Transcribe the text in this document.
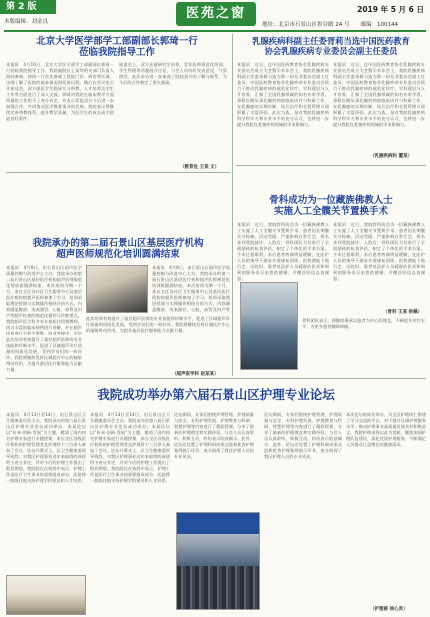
第 2 版
本版编辑：刘金良
医苑之窗	2019 年 5 月 6 日
地址：北京市石景山区鲁谷路 24 号　　邮编：100144
北京大学医学部学工部副部长郭琦一行
莅临我院指导工作
本报讯　4月16日，北京大学医学部学工部副部长郭琦一行莅临我院指导工作，我院副院长王某等相关部门负责人陪同参观。郭琦一行首先参观了我院门诊、病房等区域，详细了解了医院的基本情况和发展历程。随后在会议室召开座谈会，双方就医学生临床实习带教、人才培养及学生工作等方面进行了深入交流。郭琦对我院在临床教学方面所做的工作给予了充分肯定，并表示希望双方今后进一步加强合作，共同推动医学教育事业的发展。我院表示将继续完善带教体系，提升教学质量，为医学生的成长成才创造良好条件。
座谈会上，双方还就研究生培养、青年医师规范化培训、学生管理等话题展开讨论，与会人员纷纷发表意见，气氛热烈。此次来访进一步加深了院校双方的了解与联系，为今后的合作奠定了坚实基础。
（教育处 王某 文）
乳腺疾病科副主任委胥莉当选中国医药教育
协会乳腺疾病专业委员会副主任委员
本报讯　近日，在中国医药教育协会乳腺疾病专业委员会成立大会暨学术年会上，我院乳腺疾病科副主任委胥莉当选为第一届专业委员会副主任委员。中国医药教育协会乳腺疾病专业委员会致力于推动乳腺疾病的规范化诊疗、学科建设与人才培养，汇聚了全国乳腺领域的知名专家学者。胥莉长期从事乳腺疾病的临床诊疗与科研工作，在乳腺癌的早期诊断、综合治疗和全程管理方面积累了丰富经验。此次当选，是对我院乳腺疾病科学科实力和专业水平的充分认可，也将进一步提升我院在乳腺疾病领域的学术影响力。
本报讯　近日，在中国医药教育协会乳腺疾病专业委员会成立大会暨学术年会上，我院乳腺疾病科副主任委胥莉当选为第一届专业委员会副主任委员。中国医药教育协会乳腺疾病专业委员会致力于推动乳腺疾病的规范化诊疗、学科建设与人才培养，汇聚了全国乳腺领域的知名专家学者。胥莉长期从事乳腺疾病的临床诊疗与科研工作，在乳腺癌的早期诊断、综合治疗和全程管理方面积累了丰富经验。此次当选，是对我院乳腺疾病科学科实力和专业水平的充分认可，也将进一步提升我院在乳腺疾病领域的学术影响力。
（乳腺疾病科 董某）
我院承办的第二届石景山区基层医疗机构
超声医师规范化培训圆满结束
本报讯　4月8日，由石景山区超声医学质量控制与改进中心主办、我院承办的第二届石景山区基层医疗机构超声医师规范化培训班圆满结束。本次培训为期一个月，来自全区各社区卫生服务中心及基层医疗机构的超声医师参加了学习。培训采取理论授课与实践操作相结合的方式，内容涵盖腹部、浅表器官、心脏、血管及妇产等超声检查的规范化操作与诊断要点。我院超声医学科多名专家担任授课教师，结合丰富的临床病例进行讲解，并在超声诊室进行手把手带教。结业考核中，学员
本报讯　4月8日，由石景山区超声医学质量控制与改进中心主办、我院承办的第二届石景山区基层医疗机构超声医师规范化培训班圆满结束。本次培训为期一个月，来自全区各社区卫生服务中心及基层医疗机构的超声医师参加了学习。培训采取理论授课与实践操作相结合的方式，内容涵盖腹部、浅表器官、心脏、血管及妇产等
此次培训有效提升了基层超声医师的专业技能和诊断水平，促进了区域超声诊疗质量的同质化发展，受到学员们的一致好评。我院将继续发挥区域医疗中心的辐射带动作用，为提升基层医疗服务能力贡献力量。
此次培训有效提升了基层超声医师的专业技能和诊断水平，促进了区域超声诊疗质量的同质化发展，受到学员们的一致好评。我院将继续发挥区域医疗中心的辐射带动作用，为提升基层医疗服务能力贡献力量。
（超声医学科 赵某某）
骨科成功为一位藏族佛教人士
实施人工全髋关节置换手术
本报讯　近日，我院骨科成功为一位藏族佛教人士实施了人工全髋关节置换手术。患者因长期髋关节疼痛、活动受限，严重影响日常生活，慕名来到我院就诊。入院后，骨科团队为其进行了全面细致的检查评估，制定了个体化的手术方案。手术过程顺利，术后患者疼痛明显缓解，在医护人员的指导下逐步开展康复训练，很快便能下地行走。出院时，患者对医护人员精湛的医术和周到的服务表示由衷的感谢，并赠送哈达以表谢意。
本报讯　近日，我院骨科成功为一位藏族佛教人士实施了人工全髋关节置换手术。患者因长期髋关节疼痛、活动受限，严重影响日常生活，慕名来到我院就诊。入院后，骨科团队为其进行了全面细致的检查评估，制定了个体化的手术方案。手术过程顺利，术后患者疼痛明显缓解，在医护人员的指导下逐步开展康复训练，很快便能下地行走。出院时，患者对医护人员精湛的医术和周到的服务表示由衷的感谢，并赠送哈达以表谢意。
骨科团队表示，将继续秉承以患者为中心的理念，不断提升诊疗水平，为更多患者解除病痛。
（骨科 王某 供稿）
我院成功举办第六届石景山区护理专业论坛
本报讯　4月13日至14日，由石景山区卫生健康委员会主办、我院承办的第六届石景山区护理专业论坛成功举办。本届论坛以“传承·创新·发展”为主题，邀请了国内知名护理专家进行专题授课，来自全区各级医疗机构的护理管理者及护理骨干三百余人参加了会议。论坛开幕式上，区卫生健康委领导致辞，对我区护理事业近年来取得的成绩给予充分肯定，并对今后的护理工作提出了殷切期望。我院院长在致辞中表示，护理工作是医疗卫生事业的重要组成部分，医院将一如既往地支持护理学科建设和人才培养。
本报讯　4月13日至14日，由石景山区卫生健康委员会主办、我院承办的第六届石景山区护理专业论坛成功举办。本届论坛以“传承·创新·发展”为主题，邀请了国内知名护理专家进行专题授课，来自全区各级医疗机构的护理管理者及护理骨干三百余人参加了会议。论坛开幕式上，区卫生健康委领导致辞，对我区护理事业近年来取得的成绩给予充分肯定，并对今后的护理工作提出了殷切期望。我院院长在致辞中表示，护理工作是医疗卫生事业的重要组成部分，医院将一如既往地支持护理学科建设和人才培养。
论坛期间，专家们围绕护理管理、护理质量与安全、专科护理发展、护理教育与科研、智慧护理等内容进行了精彩授课，分享了最新的护理理念和实践经验。与会人员认真聆听，积极互动，纷纷表示收获颇丰。此外，论坛还设置了护理科研成果交流和优秀护理案例展示环节，充分展现了我区护理人员的专业风采。
论坛期间，专家们围绕护理管理、护理质量与安全、专科护理发展、护理教育与科研、智慧护理等内容进行了精彩授课，分享了最新的护理理念和实践经验。与会人员认真聆听，积极互动，纷纷表示收获颇丰。此外，论坛还设置了护理科研成果交流和优秀护理案例展示环节，充分展现了我区护理人员的专业风采。
本次论坛的成功举办，为全区护理同仁搭建了学习交流的平台，对于提升区域护理服务水平，推动护理事业高质量发展具有积极意义。我院护理部将以此为契机，继续加强护理队伍建设，深化优质护理服务，不断满足人民群众日益增长的健康需求。
（护理部 徐心灵）
